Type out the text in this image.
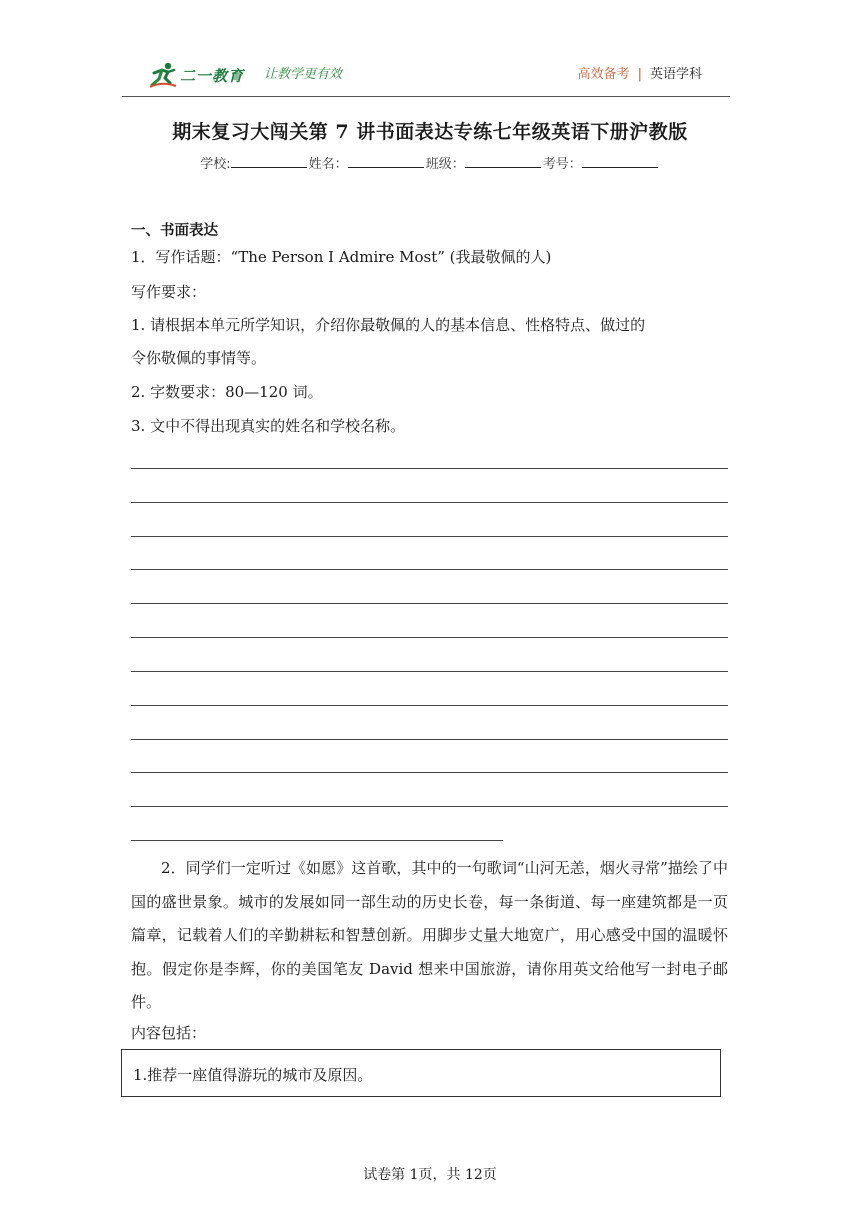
二一教育 让教学更有效	高效备考 | 英语学科
期末复习大闯关第 7 讲书面表达专练七年级英语下册沪教版
学校:	姓名：	班级：	考号：
一、书面表达
1．写作话题：“The Person I Admire Most” (我最敬佩的人)
写作要求：
1. 请根据本单元所学知识，介绍你最敬佩的人的基本信息、性格特点、做过的
令你敬佩的事情等。
2. 字数要求：80—120 词。
3. 文中不得出现真实的姓名和学校名称。
2．同学们一定听过《如愿》这首歌，其中的一句歌词“山河无恙，烟火寻常”描绘了中国的盛世景象。城市的发展如同一部生动的历史长卷，每一条街道、每一座建筑都是一页篇章，记载着人们的辛勤耕耘和智慧创新。用脚步丈量大地宽广，用心感受中国的温暖怀抱。假定你是李辉，你的美国笔友 David 想来中国旅游，请你用英文给他写一封电子邮件。
内容包括：
1.推荐一座值得游玩的城市及原因。
试卷第 1页，共 12页
